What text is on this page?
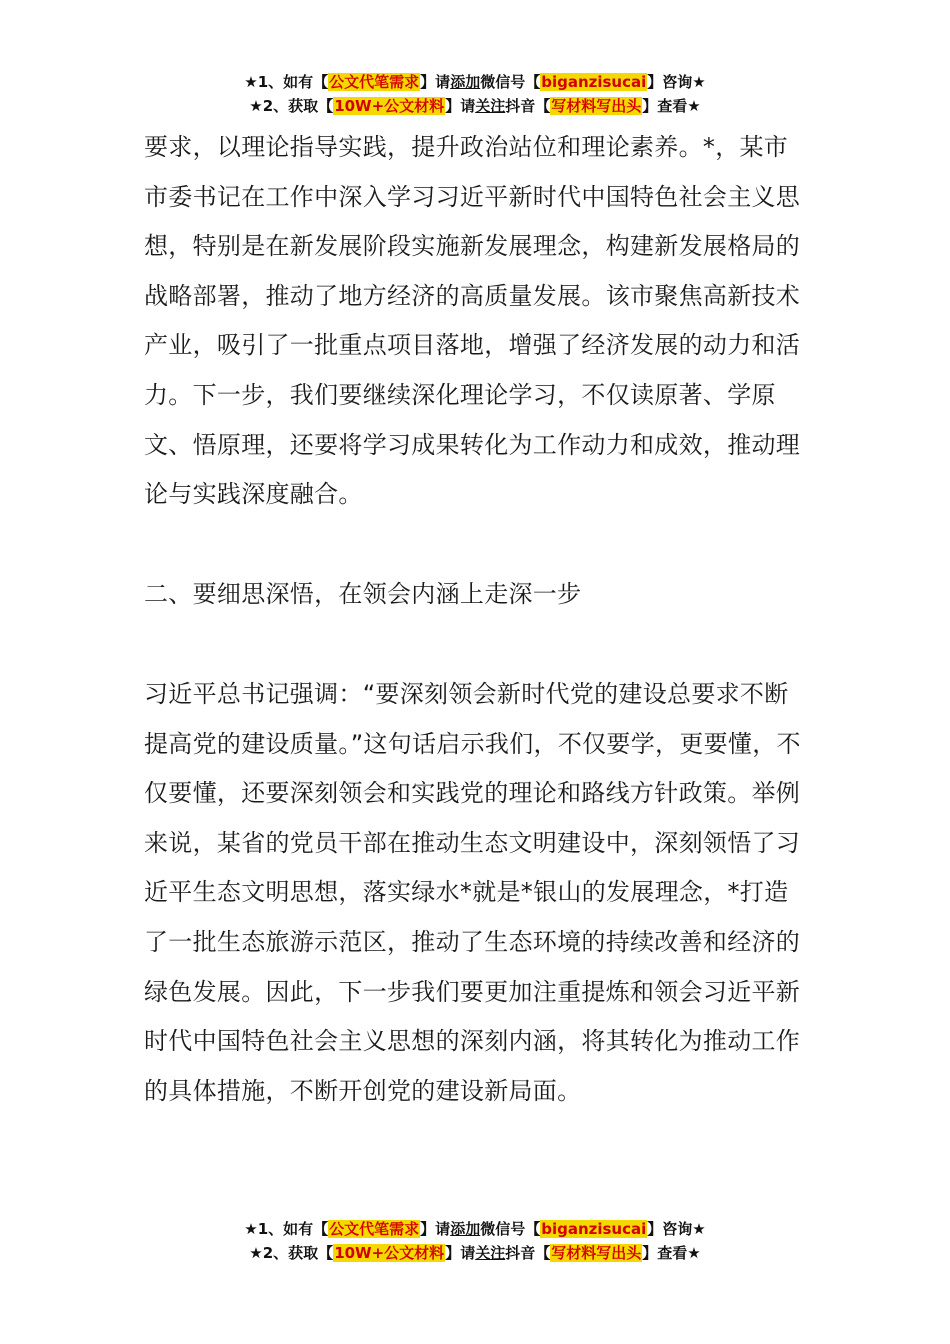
★1、如有【公文代笔需求】请添加微信号【biganzisucai】咨询★
★2、获取【10W+公文材料】请关注抖音【写材料写出头】查看★

要求，以理论指导实践，提升政治站位和理论素养。*，某市市委书记在工作中深入学习习近平新时代中国特色社会主义思想，特别是在新发展阶段实施新发展理念，构建新发展格局的战略部署，推动了地方经济的高质量发展。该市聚焦高新技术产业，吸引了一批重点项目落地，增强了经济发展的动力和活力。下一步，我们要继续深化理论学习，不仅读原著、学原文、悟原理，还要将学习成果转化为工作动力和成效，推动理论与实践深度融合。

二、要细思深悟，在领会内涵上走深一步

习近平总书记强调：“要深刻领会新时代党的建设总要求不断提高党的建设质量。”这句话启示我们，不仅要学，更要懂，不仅要懂，还要深刻领会和实践党的理论和路线方针政策。举例来说，某省的党员干部在推动生态文明建设中，深刻领悟了习近平生态文明思想，落实绿水*就是*银山的发展理念，*打造了一批生态旅游示范区，推动了生态环境的持续改善和经济的绿色发展。因此，下一步我们要更加注重提炼和领会习近平新时代中国特色社会主义思想的深刻内涵，将其转化为推动工作的具体措施，不断开创党的建设新局面。

★1、如有【公文代笔需求】请添加微信号【biganzisucai】咨询★
★2、获取【10W+公文材料】请关注抖音【写材料写出头】查看★
